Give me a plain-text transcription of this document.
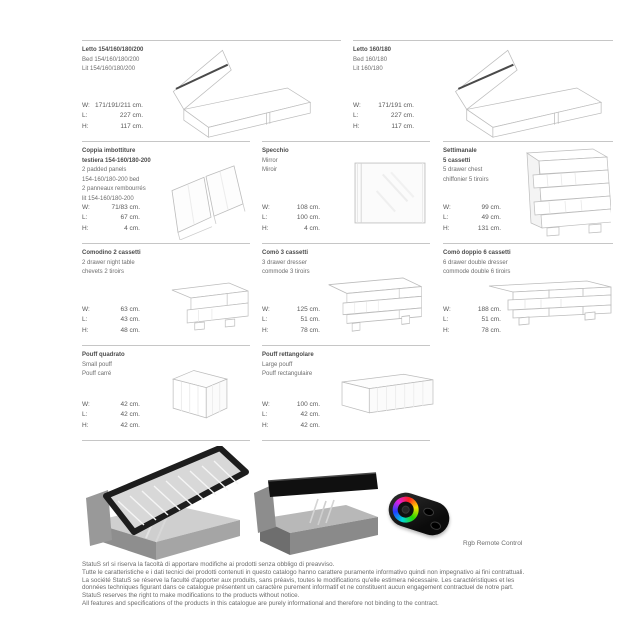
Letto 154/160/180/200
Bed 154/160/180/200
Lit 154/160/180/200
W: 171/191/211 cm.
L:	227 cm.
H:	117 cm.
Letto 160/180
Bed 160/180
Lit 160/180
W:	171/191 cm.
L:	227 cm.
H:	117 cm.
Coppia imbottiture
testiera 154-160/180-200
2 padded panels
154-160/180-200 bed
2 panneaux rembourrés
lit 154-160/180-200
W:	71/83 cm.
L:	67 cm.
H:	4 cm.
Specchio
Mirror
Miroir
W:	108 cm.
L:	100 cm.
H:	4 cm.
Settimanale
5 cassetti
5 drawer chest
chiffonier 5 tiroirs
W:	99 cm.
L:	49 cm.
H:	131 cm.
Comodino 2 cassetti
2 drawer night table
chevets 2 tiroirs
W:	63 cm.
L:	43 cm.
H:	48 cm.
Comò 3 cassetti
3 drawer dresser
commode 3 tiroirs
W:	125 cm.
L:	51 cm.
H:	78 cm.
Comò doppio 6 cassetti
6 drawer double dresser
commode double 6 tiroirs
W:	188 cm.
L:	51 cm.
H:	78 cm.
Pouff quadrato
Small pouff
Pouff carré
W:	42 cm.
L:	42 cm.
H:	42 cm.
Pouff rettangolare
Large pouff
Pouff rectangulaire
W:	100 cm.
L:	42 cm.
H:	42 cm.
Rgb Remote Control
StatuS srl si riserva la facoltà di apportare modifiche ai prodotti senza obbligo di preavviso.
Tutte le caratteristiche e i dati tecnici dei prodotti contenuti in questo catalogo hanno carattere puramente informativo quindi non impegnativo ai fini contrattuali.
La société StatuS se réserve la faculté d'apporter aux produits, sans préavis, toutes le modifications qu'elle estimera nécessaire. Les caractéristiques et les
données techniques figurant dans ce catalogue présentent un caractère purement informatif et ne constituent aucun engagement contractuel de notre part.
StatuS reserves the right to make modifications to the products without notice.
All features and specifications of the products in this catalogue are purely informational and therefore not binding to the contract.
